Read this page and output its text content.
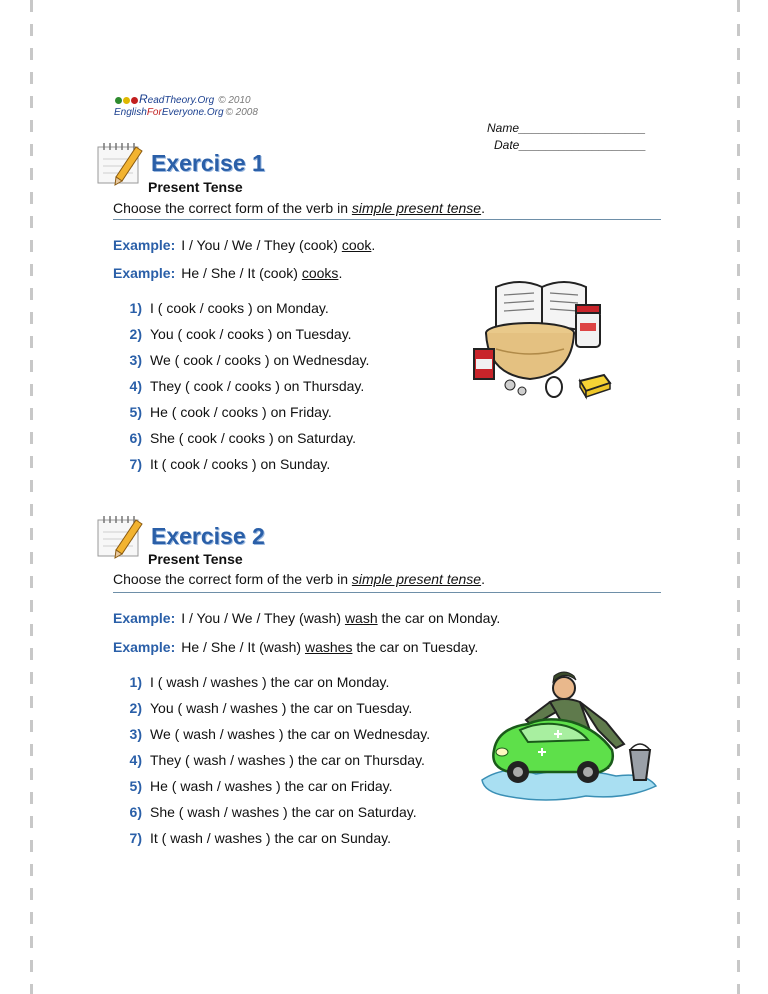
ReadTheory.Org © 2010
EnglishForEveryone.Org © 2008
Name___________________
Date___________________
Exercise 1
Present Tense
Choose the correct form of the verb in simple present tense.
Example: I / You / We / They (cook) cook.
Example: He / She / It (cook) cooks.
1) I ( cook / cooks ) on Monday.
2) You ( cook / cooks ) on Tuesday.
3) We ( cook / cooks ) on Wednesday.
4) They ( cook / cooks ) on Thursday.
5) He ( cook / cooks ) on Friday.
6) She ( cook / cooks ) on Saturday.
7) It ( cook / cooks ) on Sunday.
Exercise 2
Present Tense
Choose the correct form of the verb in simple present tense.
Example: I / You / We / They (wash) wash the car on Monday.
Example: He / She / It (wash) washes the car on Tuesday.
1) I ( wash / washes ) the car on Monday.
2) You ( wash / washes ) the car on Tuesday.
3) We ( wash / washes ) the car on Wednesday.
4) They ( wash / washes ) the car on Thursday.
5) He ( wash / washes ) the car on Friday.
6) She ( wash / washes ) the car on Saturday.
7) It ( wash / washes ) the car on Sunday.
